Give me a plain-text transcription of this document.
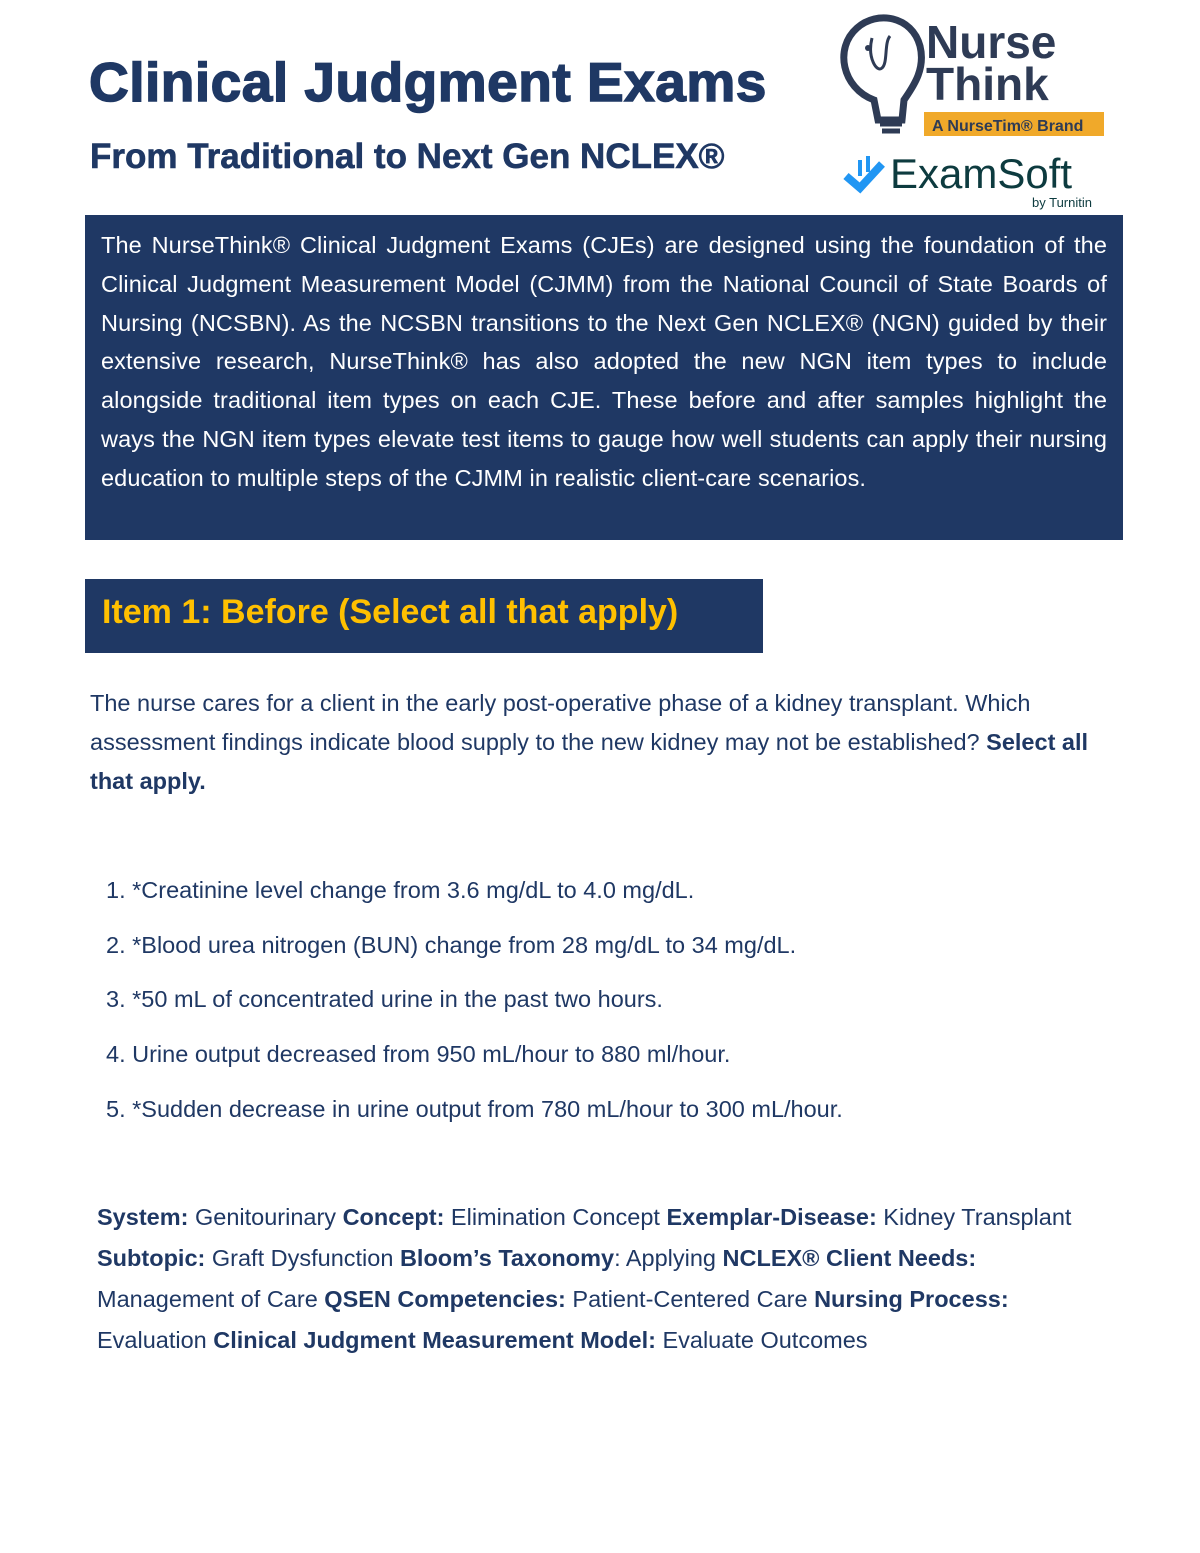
Clinical Judgment Exams
From Traditional to Next Gen NCLEX®
Nurse
Think
A NurseTim® Brand
ExamSoft
by Turnitin
The NurseThink® Clinical Judgment Exams (CJEs) are designed using the foundation of the Clinical Judgment Measurement Model (CJMM) from the National Council of State Boards of Nursing (NCSBN). As the NCSBN transitions to the Next Gen NCLEX® (NGN) guided by their extensive research, NurseThink® has also adopted the new NGN item types to include alongside traditional item types on each CJE. These before and after samples highlight the ways the NGN item types elevate test items to gauge how well students can apply their nursing education to multiple steps of the CJMM in realistic client-care scenarios.
Item 1: Before (Select all that apply)
The nurse cares for a client in the early post-operative phase of a kidney transplant. Which assessment findings indicate blood supply to the new kidney may not be established? Select all that apply.
1. *Creatinine level change from 3.6 mg/dL to 4.0 mg/dL.
2. *Blood urea nitrogen (BUN) change from 28 mg/dL to 34 mg/dL.
3. *50 mL of concentrated urine in the past two hours.
4. Urine output decreased from 950 mL/hour to 880 ml/hour.
5. *Sudden decrease in urine output from 780 mL/hour to 300 mL/hour.
System: Genitourinary Concept: Elimination Concept Exemplar-Disease: Kidney Transplant Subtopic: Graft Dysfunction Bloom’s Taxonomy: Applying NCLEX® Client Needs: Management of Care QSEN Competencies: Patient-Centered Care Nursing Process: Evaluation Clinical Judgment Measurement Model: Evaluate Outcomes
